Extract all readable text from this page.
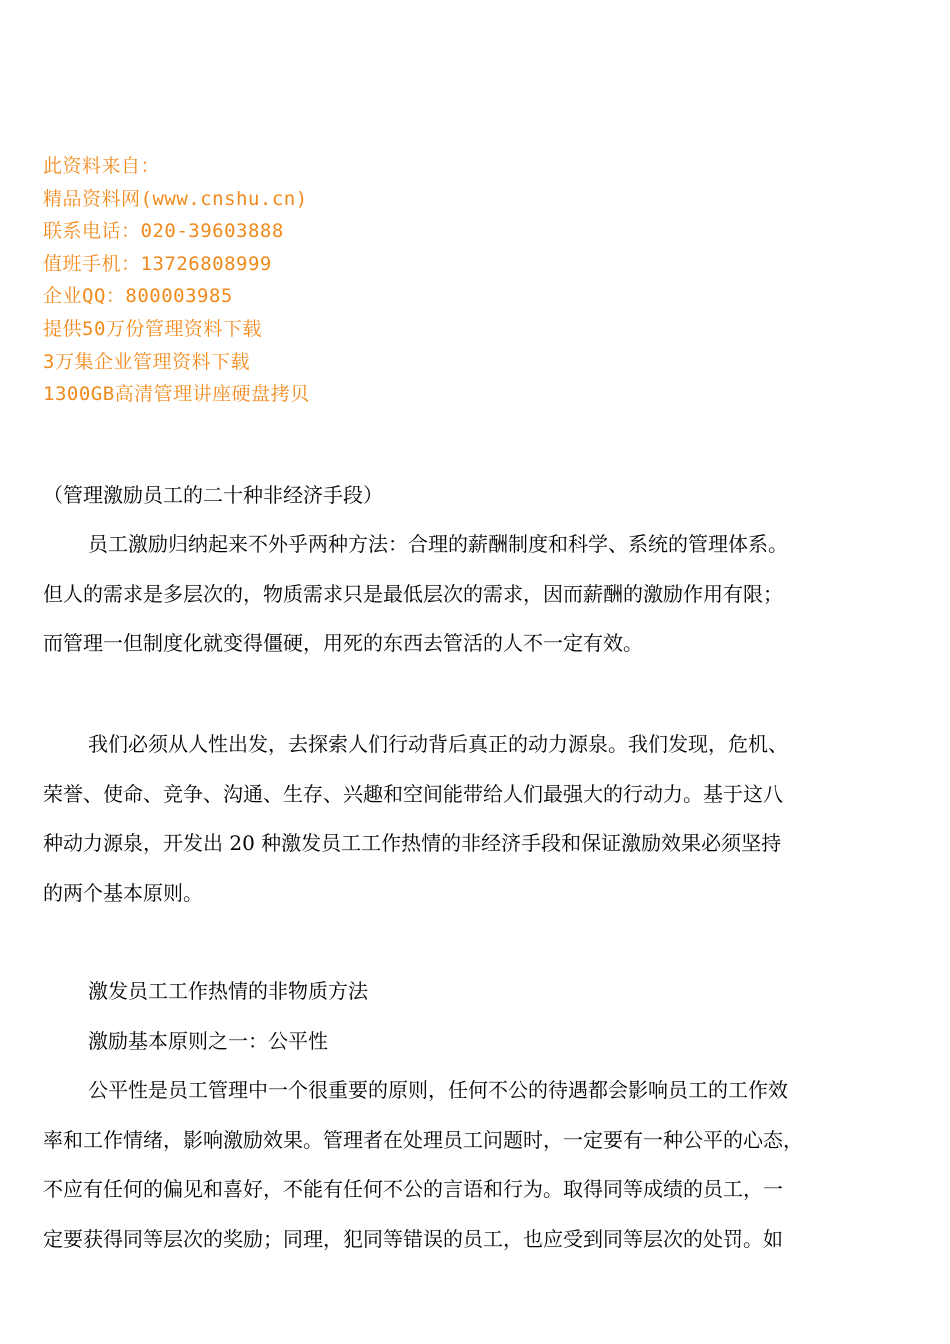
此资料来自：
精品资料网(www.cnshu.cn)
联系电话：020-39603888
值班手机：13726808999
企业QQ：800003985
提供50万份管理资料下载
3万集企业管理资料下载
1300GB高清管理讲座硬盘拷贝
（管理激励员工的二十种非经济手段）
员工激励归纳起来不外乎两种方法：合理的薪酬制度和科学、系统的管理体系。
但人的需求是多层次的，物质需求只是最低层次的需求，因而薪酬的激励作用有限；
而管理一但制度化就变得僵硬，用死的东西去管活的人不一定有效。
我们必须从人性出发，去探索人们行动背后真正的动力源泉。我们发现，危机、
荣誉、使命、竞争、沟通、生存、兴趣和空间能带给人们最强大的行动力。基于这八
种动力源泉，开发出 20 种激发员工工作热情的非经济手段和保证激励效果必须坚持
的两个基本原则。
激发员工工作热情的非物质方法
激励基本原则之一：公平性
公平性是员工管理中一个很重要的原则，任何不公的待遇都会影响员工的工作效
率和工作情绪，影响激励效果。管理者在处理员工问题时，一定要有一种公平的心态，
不应有任何的偏见和喜好，不能有任何不公的言语和行为。取得同等成绩的员工，一
定要获得同等层次的奖励；同理，犯同等错误的员工，也应受到同等层次的处罚。如
